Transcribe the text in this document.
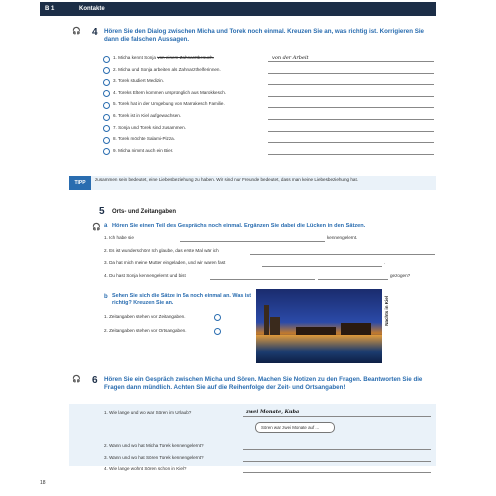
B 1	Kontakte
🎧 4 Hören Sie den Dialog zwischen Micha und Torek noch einmal. Kreuzen Sie an, was richtig ist. Korrigieren Sie dann die falschen Aussagen.
1. Micha kennt Sonja von einem Zahnarztbesuch.	von der Arbeit
2. Micha und Sonja arbeiten als Zahnarzthelferinnen.
3. Torek studiert Medizin.
4. Toreks Eltern kommen ursprünglich aus Marokkesch.
5. Torek hat in der Umgebung von Marrakesch Familie.
6. Torek ist in Kiel aufgewachsen.
7. Sonja und Torek sind zusammen.
8. Torek möchte Salami-Pizza.
9. Micha nimmt auch ein Bier.
TIPP
zusammen sein bedeutet, eine Liebesbeziehung zu haben. Wir sind nur Freunde bedeutet, dass man keine Liebesbeziehung hat.
5 Orts- und Zeitangaben
🎧 a Hören Sie einen Teil des Gesprächs noch einmal. Ergänzen Sie dabei die Lücken in den Sätzen.
1. Ich habe sie	kennengelernt.
2. Es ist wunderschön! Ich glaube, das erste Mal wär ich
3. Da hat mich meine Mutter eingeladen, und wir waren fast	.
4. Du hast Sonja kennengelernt und bist	gezogen?
b Sehen Sie sich die Sätze in 5a noch einmal an. Was ist richtig? Kreuzen Sie an.
1. Zeitangaben stehen vor Zeitangaben.
2. Zeitangaben stehen vor Ortsangaben.
Nachts in Kiel
🎧 6 Hören Sie ein Gespräch zwischen Micha und Sören. Machen Sie Notizen zu den Fragen. Beantworten Sie die Fragen dann mündlich. Achten Sie auf die Reihenfolge der Zeit- und Ortsangaben!
1. Wie lange und wo war Sören im Urlaub?	zwei Monate, Kuba
2. Wann und wo hat Micha Torek kennengelernt?
3. Wann und wo hat Sören Torek kennengelernt?
4. Wie lange wohnt Sören schon in Kiel?
Sören war zwei Monate auf ...
18
